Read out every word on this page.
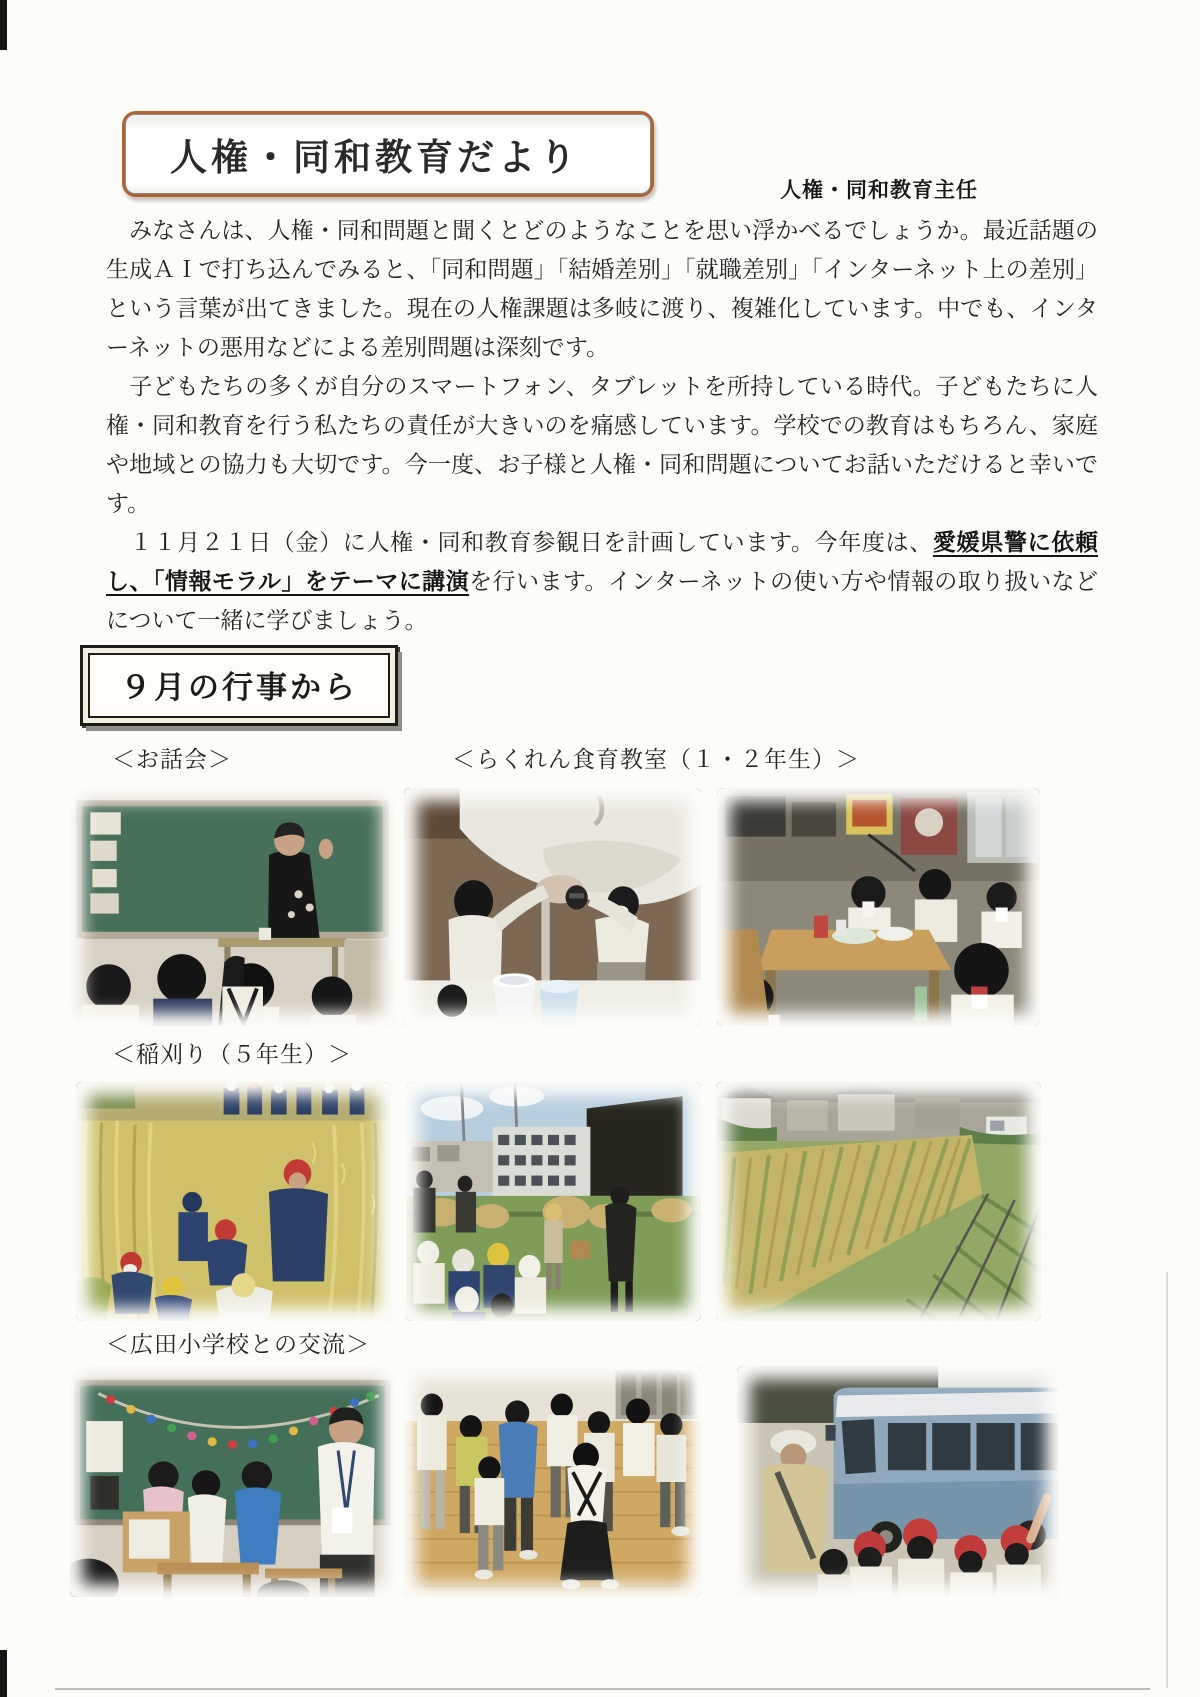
人権・同和教育だより
人権・同和教育主任

　みなさんは、人権・同和問題と聞くとどのようなことを思い浮かべるでしょうか。最近話題の生成ＡＩで打ち込んでみると、「同和問題」「結婚差別」「就職差別」「インターネット上の差別」という言葉が出てきました。現在の人権課題は多岐に渡り、複雑化しています。中でも、インターネットの悪用などによる差別問題は深刻です。

　子どもたちの多くが自分のスマートフォン、タブレットを所持している時代。子どもたちに人権・同和教育を行う私たちの責任が大きいのを痛感しています。学校での教育はもちろん、家庭や地域との協力も大切です。今一度、お子様と人権・同和問題についてお話いただけると幸いです。

　１１月２１日（金）に人権・同和教育参観日を計画しています。今年度は、愛媛県警に依頼し、「情報モラル」をテーマに講演を行います。インターネットの使い方や情報の取り扱いなどについて一緒に学びましょう。

９月の行事から
＜お話会＞	＜らくれん食育教室（１・２年生）＞
＜稲刈り（５年生）＞
＜広田小学校との交流＞
